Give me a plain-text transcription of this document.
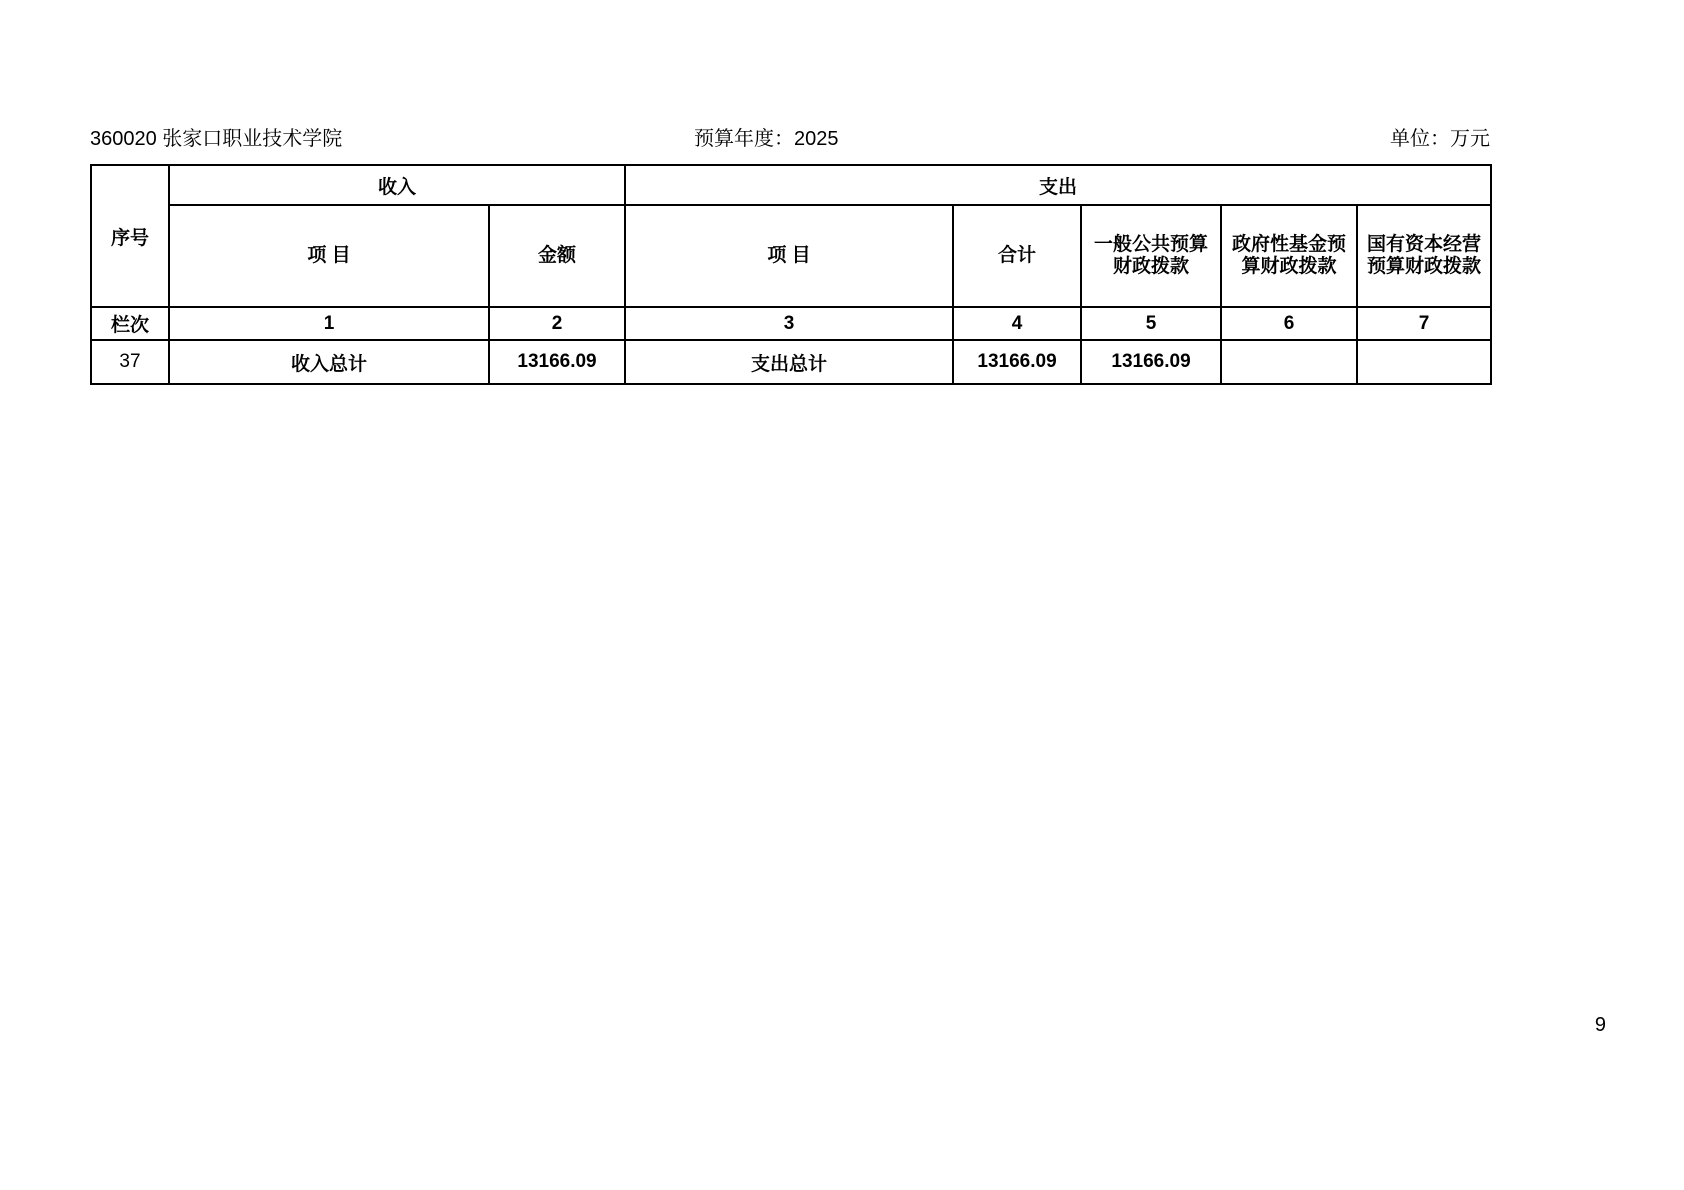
360020 张家口职业技术学院	预算年度：2025	单位：万元
序号	收入		支出				
	项 目	金额	项 目	合计	一般公共预算财政拨款	政府性基金预算财政拨款	国有资本经营预算财政拨款
栏次	1	2	3	4	5	6	7
37	收入总计	13166.09	支出总计	13166.09	13166.09		
9
